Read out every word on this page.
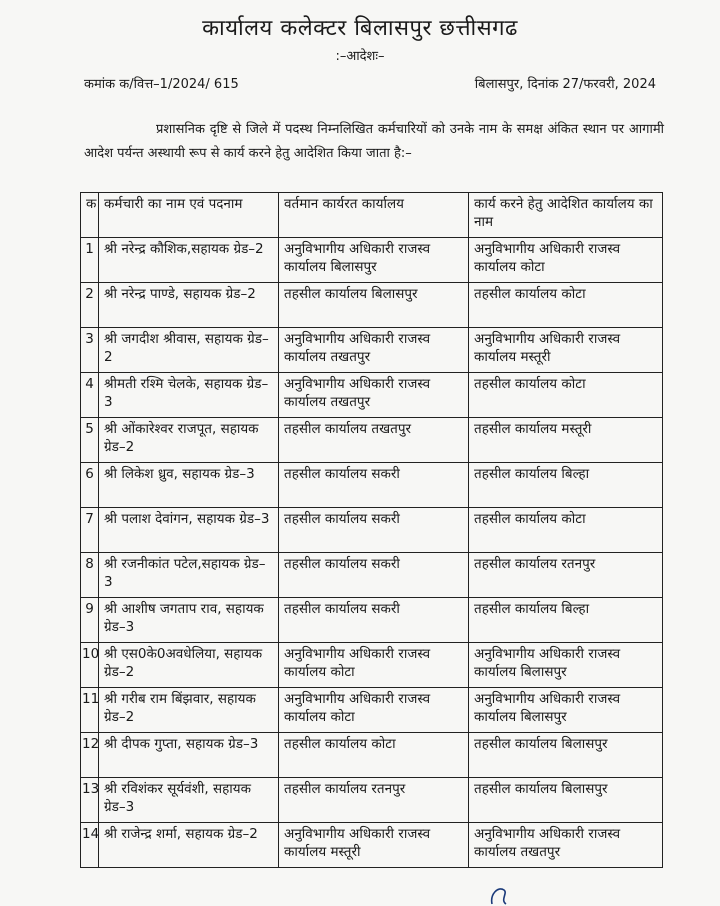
कार्यालय कलेक्टर बिलासपुर छत्तीसगढ
:–आदेशः–
कमांक क/वित्त–1/2024/ 615	बिलासपुर, दिनांक 27/फरवरी, 2024
प्रशासनिक दृष्टि से जिले में पदस्थ निम्नलिखित कर्मचारियों को उनके नाम के समक्ष अंकित स्थान पर आगामी आदेश पर्यन्त अस्थायी रूप से कार्य करने हेतु आदेशित किया जाता है:–
क	कर्मचारी का नाम एवं पदनाम	वर्तमान कार्यरत कार्यालय	कार्य करने हेतु आदेशित कार्यालय का नाम
1	श्री नरेन्द्र कौशिक,सहायक ग्रेड–2	अनुविभागीय अधिकारी राजस्व कार्यालय बिलासपुर	अनुविभागीय अधिकारी राजस्व कार्यालय कोटा
2	श्री नरेन्द्र पाण्डे, सहायक ग्रेड–2	तहसील कार्यालय बिलासपुर	तहसील कार्यालय कोटा
3	श्री जगदीश श्रीवास, सहायक ग्रेड–2	अनुविभागीय अधिकारी राजस्व कार्यालय तखतपुर	अनुविभागीय अधिकारी राजस्व कार्यालय मस्तूरी
4	श्रीमती रश्मि चेलके, सहायक ग्रेड–3	अनुविभागीय अधिकारी राजस्व कार्यालय तखतपुर	तहसील कार्यालय कोटा
5	श्री ओंकारेश्वर राजपूत, सहायक ग्रेड–2	तहसील कार्यालय तखतपुर	तहसील कार्यालय मस्तूरी
6	श्री लिकेश ध्रुव, सहायक ग्रेड–3	तहसील कार्यालय सकरी	तहसील कार्यालय बिल्हा
7	श्री पलाश देवांगन, सहायक ग्रेड–3	तहसील कार्यालय सकरी	तहसील कार्यालय कोटा
8	श्री रजनीकांत पटेल,सहायक ग्रेड–3	तहसील कार्यालय सकरी	तहसील कार्यालय रतनपुर
9	श्री आशीष जगताप राव, सहायक ग्रेड–3	तहसील कार्यालय सकरी	तहसील कार्यालय बिल्हा
10	श्री एस0के0अवधेलिया, सहायक ग्रेड–2	अनुविभागीय अधिकारी राजस्व कार्यालय कोटा	अनुविभागीय अधिकारी राजस्व कार्यालय बिलासपुर
11	श्री गरीब राम बिंझवार, सहायक ग्रेड–2	अनुविभागीय अधिकारी राजस्व कार्यालय कोटा	अनुविभागीय अधिकारी राजस्व कार्यालय बिलासपुर
12	श्री दीपक गुप्ता, सहायक ग्रेड–3	तहसील कार्यालय कोटा	तहसील कार्यालय बिलासपुर
13	श्री रविशंकर सूर्यवंशी, सहायक ग्रेड–3	तहसील कार्यालय रतनपुर	तहसील कार्यालय बिलासपुर
14	श्री राजेन्द्र शर्मा, सहायक ग्रेड–2	अनुविभागीय अधिकारी राजस्व कार्यालय मस्तूरी	अनुविभागीय अधिकारी राजस्व कार्यालय तखतपुर
